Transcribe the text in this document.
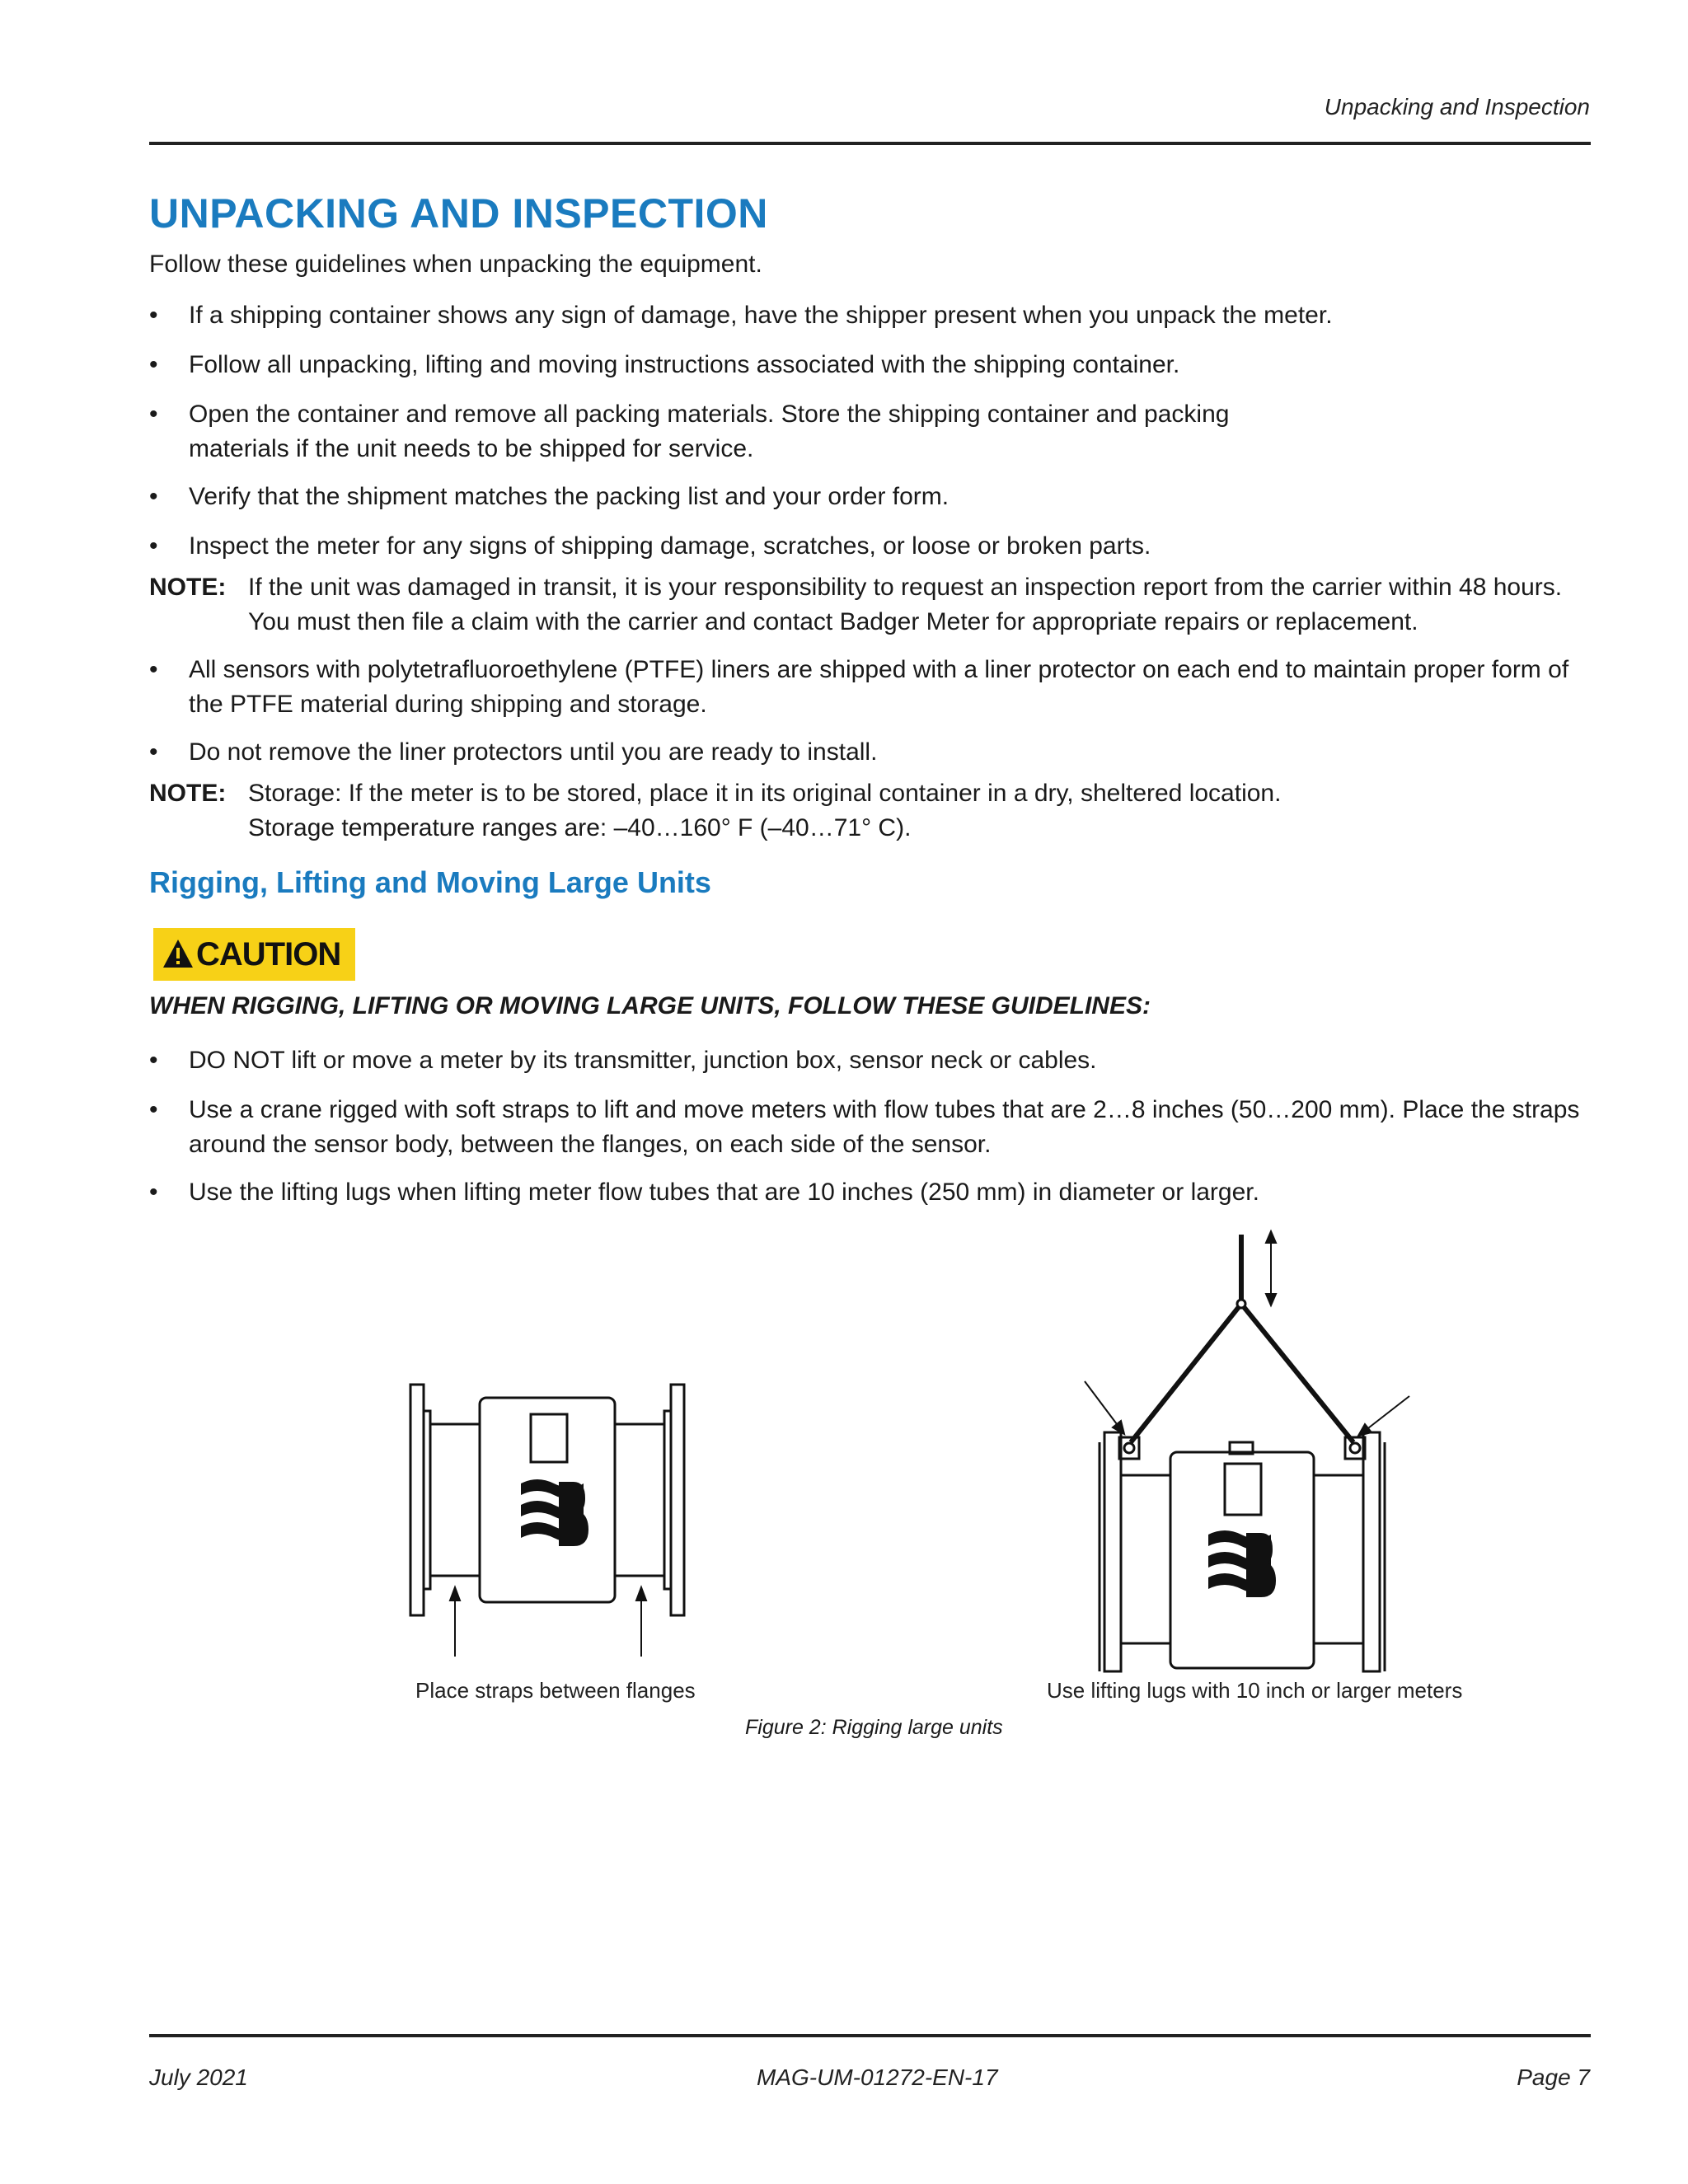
Unpacking and Inspection
UNPACKING AND INSPECTION
Follow these guidelines when unpacking the equipment.
•	If a shipping container shows any sign of damage, have the shipper present when you unpack the meter.
•	Follow all unpacking, lifting and moving instructions associated with the shipping container.
•	Open the container and remove all packing materials. Store the shipping container and packing materials if the unit needs to be shipped for service.
•	Verify that the shipment matches the packing list and your order form.
•	Inspect the meter for any signs of shipping damage, scratches, or loose or broken parts.
NOTE: If the unit was damaged in transit, it is your responsibility to request an inspection report from the carrier within 48 hours. You must then file a claim with the carrier and contact Badger Meter for appropriate repairs or replacement.
•	All sensors with polytetrafluoroethylene (PTFE) liners are shipped with a liner protector on each end to maintain proper form of the PTFE material during shipping and storage.
•	Do not remove the liner protectors until you are ready to install.
NOTE: Storage: If the meter is to be stored, place it in its original container in a dry, sheltered location.
Storage temperature ranges are: –40…160° F (–40…71° C).
Rigging, Lifting and Moving Large Units
CAUTION
WHEN RIGGING, LIFTING OR MOVING LARGE UNITS, FOLLOW THESE GUIDELINES:
•	DO NOT lift or move a meter by its transmitter, junction box, sensor neck or cables.
•	Use a crane rigged with soft straps to lift and move meters with flow tubes that are 2…8 inches (50…200 mm). Place the straps around the sensor body, between the flanges, on each side of the sensor.
•	Use the lifting lugs when lifting meter flow tubes that are 10 inches (250 mm) in diameter or larger.
Place straps between flanges	Use lifting lugs with 10 inch or larger meters
Figure 2: Rigging large units
July 2021	MAG-UM-01272-EN-17	Page 7
